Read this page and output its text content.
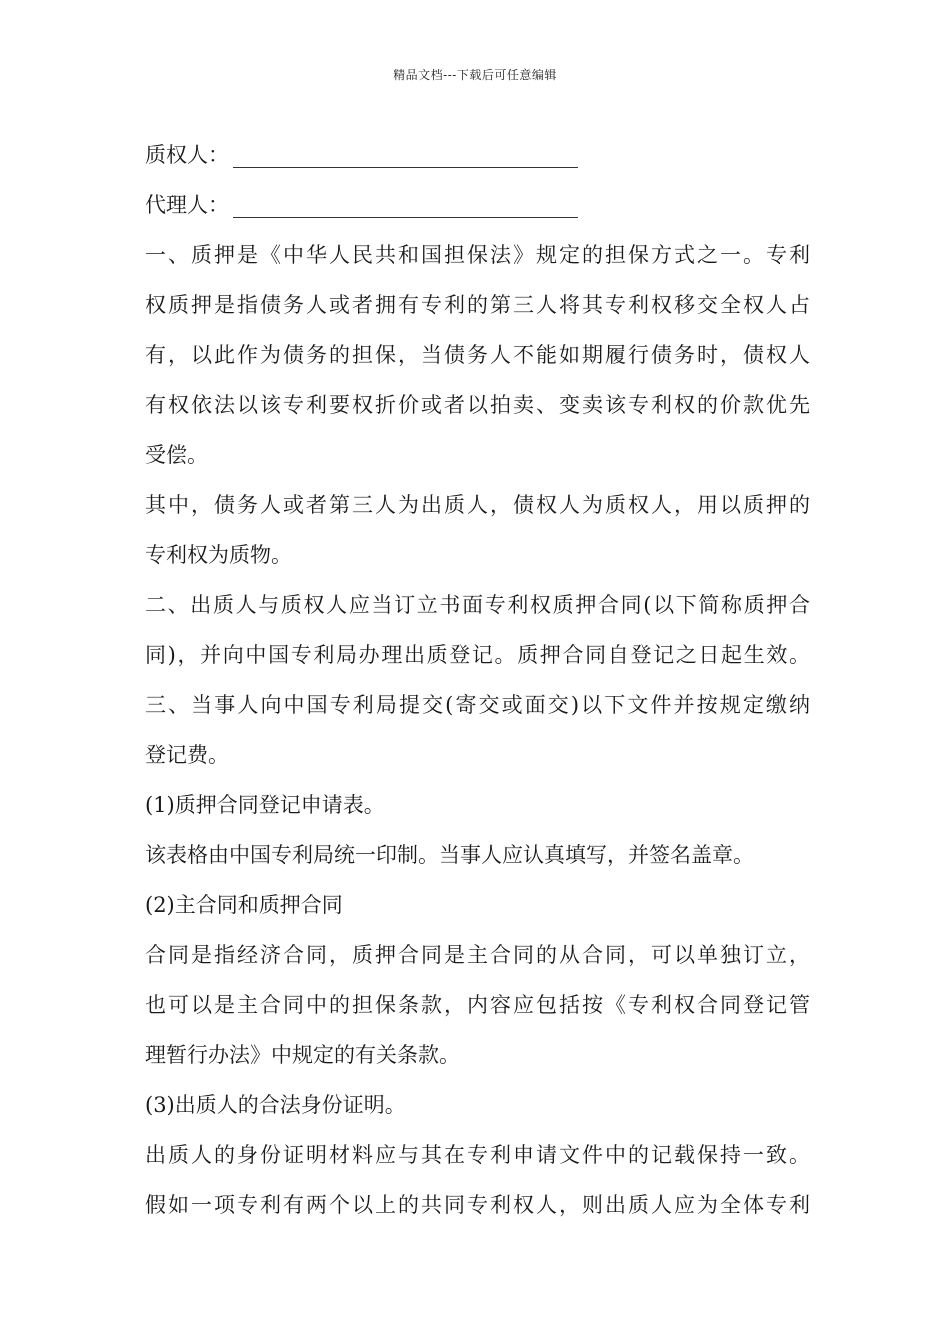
精品文档---下载后可任意编辑
质权人：
代理人：
一、质押是《中华人民共和国担保法》规定的担保方式之一。专利
权质押是指债务人或者拥有专利的第三人将其专利权移交全权人占
有，以此作为债务的担保，当债务人不能如期履行债务时，债权人
有权依法以该专利要权折价或者以拍卖、变卖该专利权的价款优先
受偿。
其中，债务人或者第三人为出质人，债权人为质权人，用以质押的
专利权为质物。
二、出质人与质权人应当订立书面专利权质押合同(以下简称质押合
同)，并向中国专利局办理出质登记。质押合同自登记之日起生效。
三、当事人向中国专利局提交(寄交或面交)以下文件并按规定缴纳
登记费。
(1)质押合同登记申请表。
该表格由中国专利局统一印制。当事人应认真填写，并签名盖章。
(2)主合同和质押合同
合同是指经济合同，质押合同是主合同的从合同，可以单独订立，
也可以是主合同中的担保条款，内容应包括按《专利权合同登记管
理暂行办法》中规定的有关条款。
(3)出质人的合法身份证明。
出质人的身份证明材料应与其在专利申请文件中的记载保持一致。
假如一项专利有两个以上的共同专利权人，则出质人应为全体专利
